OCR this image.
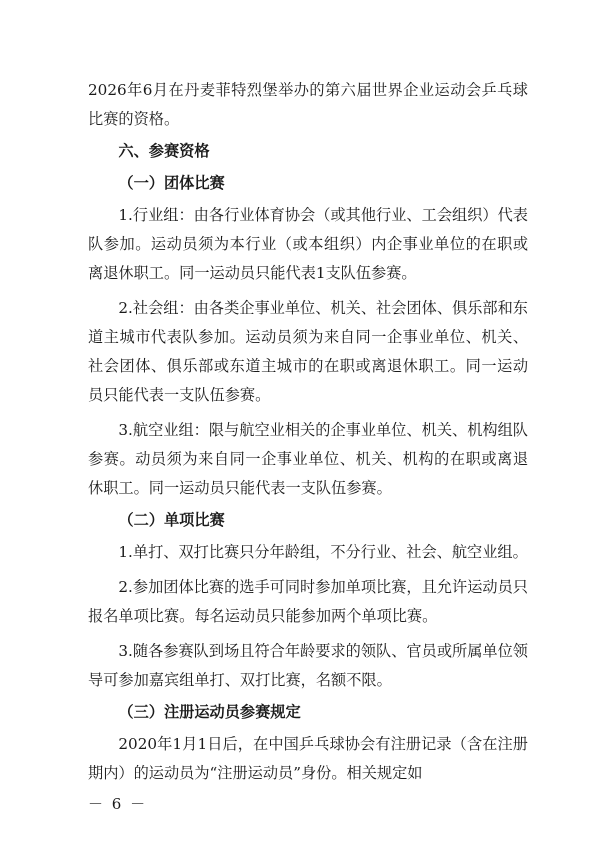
2026年6月在丹麦菲特烈堡举办的第六届世界企业运动会乒乓球比赛的资格。

六、参赛资格

（一）团体比赛

1.行业组：由各行业体育协会（或其他行业、工会组织）代表队参加。运动员须为本行业（或本组织）内企事业单位的在职或离退休职工。同一运动员只能代表1支队伍参赛。

2.社会组：由各类企事业单位、机关、社会团体、俱乐部和东道主城市代表队参加。运动员须为来自同一企事业单位、机关、社会团体、俱乐部或东道主城市的在职或离退休职工。同一运动员只能代表一支队伍参赛。

3.航空业组：限与航空业相关的企事业单位、机关、机构组队参赛。动员须为来自同一企事业单位、机关、机构的在职或离退休职工。同一运动员只能代表一支队伍参赛。

（二）单项比赛

1.单打、双打比赛只分年龄组，不分行业、社会、航空业组。

2.参加团体比赛的选手可同时参加单项比赛，且允许运动员只报名单项比赛。每名运动员只能参加两个单项比赛。

3.随各参赛队到场且符合年龄要求的领队、官员或所属单位领导可参加嘉宾组单打、双打比赛，名额不限。

（三）注册运动员参赛规定

2020年1月1日后，在中国乒乓球协会有注册记录（含在注册期内）的运动员为“注册运动员”身份。相关规定如

－ 6 －
